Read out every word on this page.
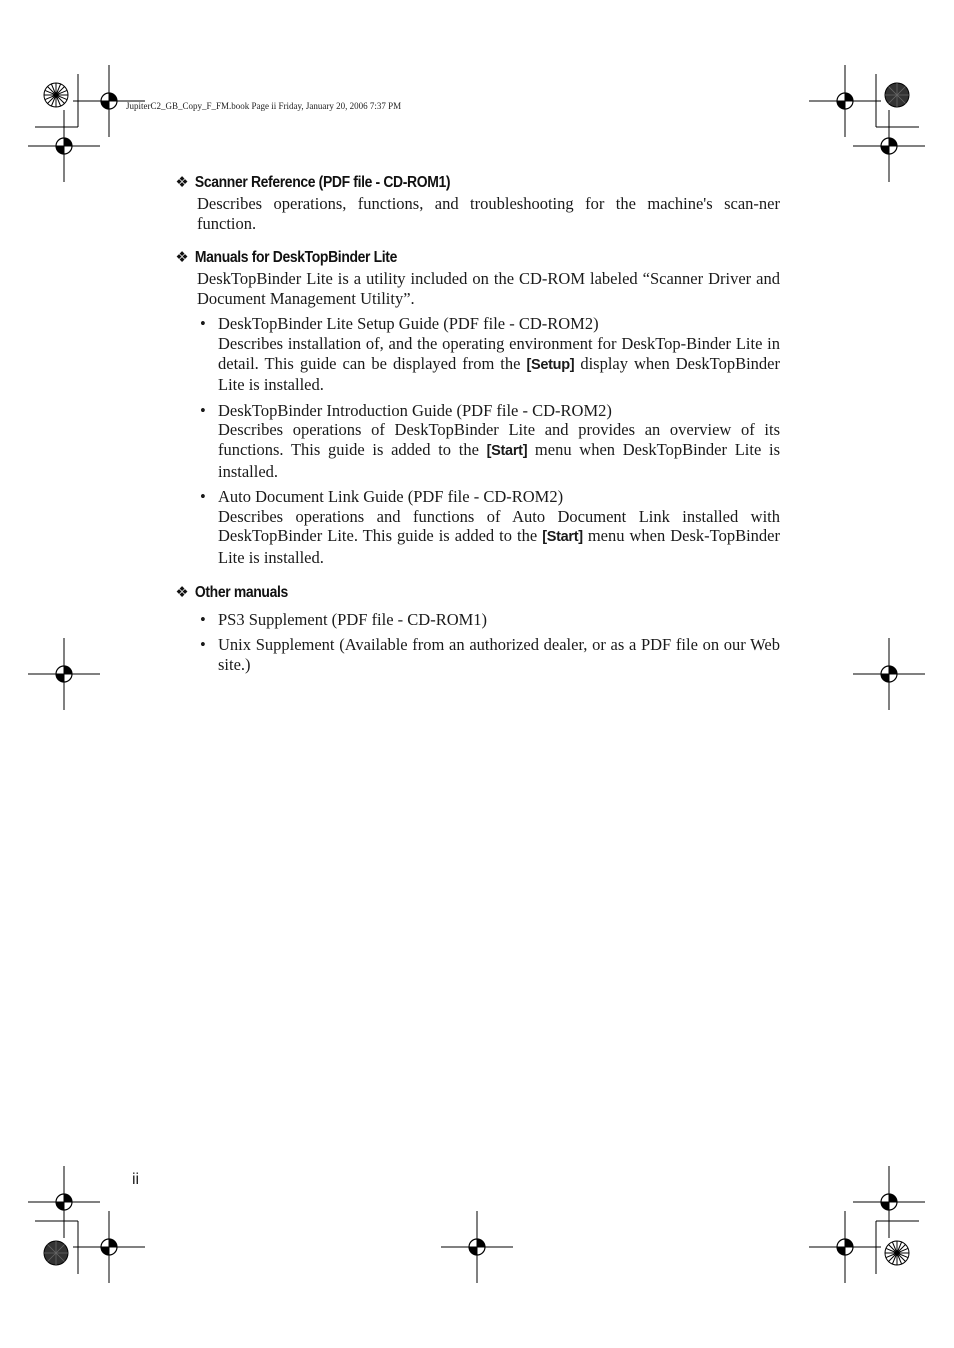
JupiterC2_GB_Copy_F_FM.book Page ii Friday, January 20, 2006 7:37 PM
❖ Scanner Reference (PDF file - CD-ROM1)
Describes operations, functions, and troubleshooting for the machine's scan-ner function.
❖ Manuals for DeskTopBinder Lite
DeskTopBinder Lite is a utility included on the CD-ROM labeled “Scanner Driver and Document Management Utility”.
• DeskTopBinder Lite Setup Guide (PDF file - CD-ROM2)
Describes installation of, and the operating environment for DeskTop-Binder Lite in detail. This guide can be displayed from the [Setup] display when DeskTopBinder Lite is installed.
• DeskTopBinder Introduction Guide (PDF file - CD-ROM2)
Describes operations of DeskTopBinder Lite and provides an overview of its functions. This guide is added to the [Start] menu when DeskTopBinder Lite is installed.
• Auto Document Link Guide (PDF file - CD-ROM2)
Describes operations and functions of Auto Document Link installed with DeskTopBinder Lite. This guide is added to the [Start] menu when Desk-TopBinder Lite is installed.
❖ Other manuals
• PS3 Supplement (PDF file - CD-ROM1)
• Unix Supplement (Available from an authorized dealer, or as a PDF file on our Web site.)
ii
